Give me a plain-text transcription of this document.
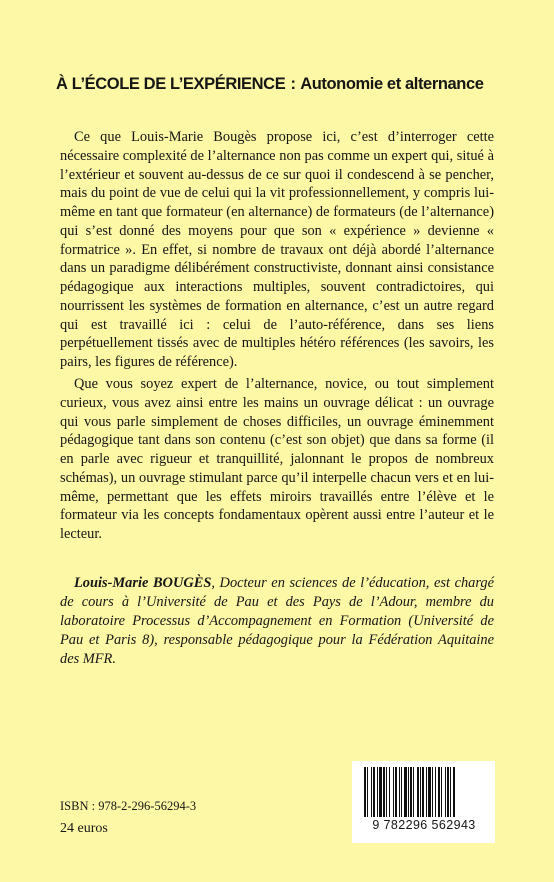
À L’ÉCOLE DE L’EXPÉRIENCE : Autonomie et alternance

Ce que Louis-Marie Bougès propose ici, c’est d’interroger cette nécessaire complexité de l’alternance non pas comme un expert qui, situé à l’extérieur et souvent au-dessus de ce sur quoi il condescend à se pencher, mais du point de vue de celui qui la vit professionnellement, y compris lui-même en tant que formateur (en alternance) de formateurs (de l’alternance) qui s’est donné des moyens pour que son « expérience » devienne « formatrice ». En effet, si nombre de travaux ont déjà abordé l’alternance dans un paradigme délibérément constructiviste, donnant ainsi consistance pédagogique aux interactions multiples, souvent contradictoires, qui nourrissent les systèmes de formation en alternance, c’est un autre regard qui est travaillé ici : celui de l’auto-référence, dans ses liens perpétuellement tissés avec de multiples hétéro références (les savoirs, les pairs, les figures de référence).

Que vous soyez expert de l’alternance, novice, ou tout simplement curieux, vous avez ainsi entre les mains un ouvrage délicat : un ouvrage qui vous parle simplement de choses difficiles, un ouvrage éminemment pédagogique tant dans son contenu (c’est son objet) que dans sa forme (il en parle avec rigueur et tranquillité, jalonnant le propos de nombreux schémas), un ouvrage stimulant parce qu’il interpelle chacun vers et en lui-même, permettant que les effets miroirs travaillés entre l’élève et le formateur via les concepts fondamentaux opèrent aussi entre l’auteur et le lecteur.

Louis-Marie BOUGÈS, Docteur en sciences de l’éducation, est chargé de cours à l’Université de Pau et des Pays de l’Adour, membre du laboratoire Processus d’Accompagnement en Formation (Université de Pau et Paris 8), responsable pédagogique pour la Fédération Aquitaine des MFR.

ISBN : 978-2-296-56294-3
24 euros	9 782296 562943
